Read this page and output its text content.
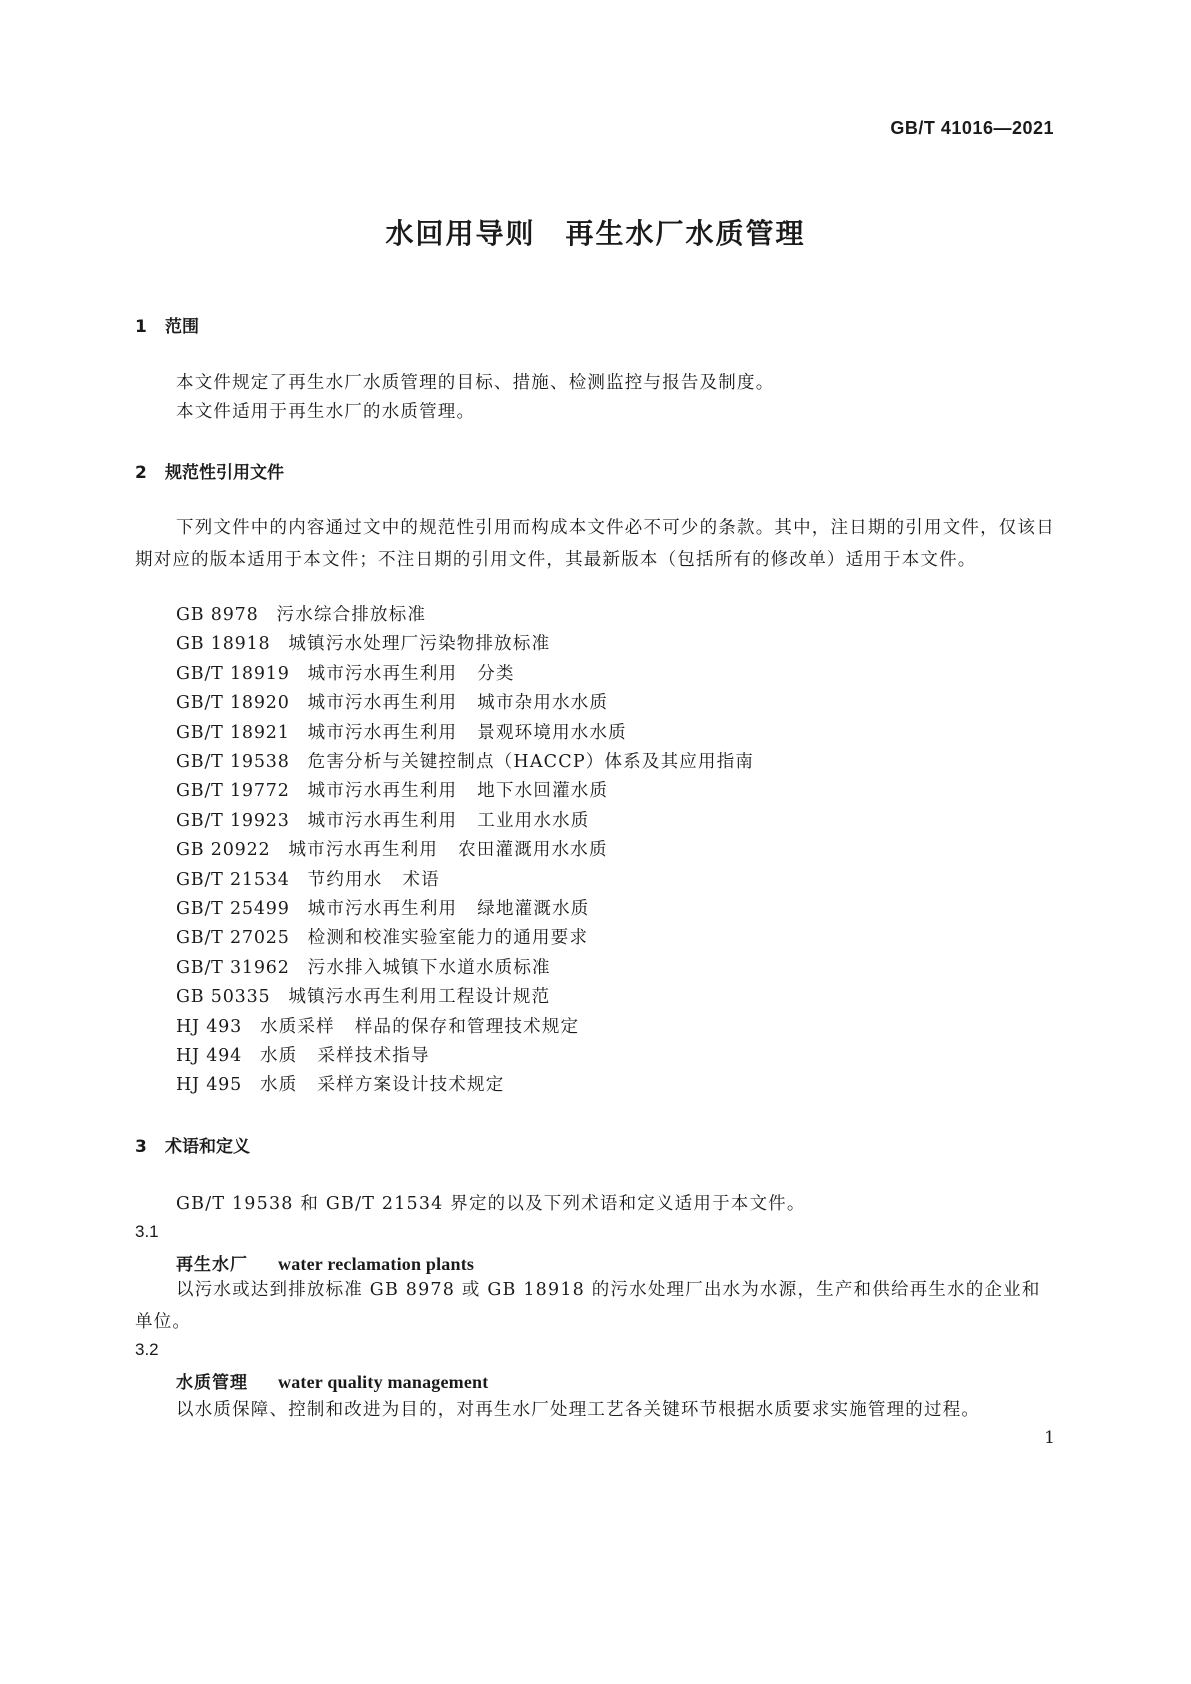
GB/T 41016—2021
水回用导则 再生水厂水质管理
1 范围
本文件规定了再生水厂水质管理的目标、措施、检测监控与报告及制度。
本文件适用于再生水厂的水质管理。
2 规范性引用文件
下列文件中的内容通过文中的规范性引用而构成本文件必不可少的条款。其中，注日期的引用文件，仅该日期对应的版本适用于本文件；不注日期的引用文件，其最新版本（包括所有的修改单）适用于本文件。
GB 8978 污水综合排放标准
GB 18918 城镇污水处理厂污染物排放标准
GB/T 18919 城市污水再生利用 分类
GB/T 18920 城市污水再生利用 城市杂用水水质
GB/T 18921 城市污水再生利用 景观环境用水水质
GB/T 19538 危害分析与关键控制点（HACCP）体系及其应用指南
GB/T 19772 城市污水再生利用 地下水回灌水质
GB/T 19923 城市污水再生利用 工业用水水质
GB 20922 城市污水再生利用 农田灌溉用水水质
GB/T 21534 节约用水 术语
GB/T 25499 城市污水再生利用 绿地灌溉水质
GB/T 27025 检测和校准实验室能力的通用要求
GB/T 31962 污水排入城镇下水道水质标准
GB 50335 城镇污水再生利用工程设计规范
HJ 493 水质采样 样品的保存和管理技术规定
HJ 494 水质 采样技术指导
HJ 495 水质 采样方案设计技术规定
3 术语和定义
GB/T 19538 和 GB/T 21534 界定的以及下列术语和定义适用于本文件。
3.1
再生水厂 water reclamation plants
以污水或达到排放标准 GB 8978 或 GB 18918 的污水处理厂出水为水源，生产和供给再生水的企业和单位。
3.2
水质管理 water quality management
以水质保障、控制和改进为目的，对再生水厂处理工艺各关键环节根据水质要求实施管理的过程。
1
